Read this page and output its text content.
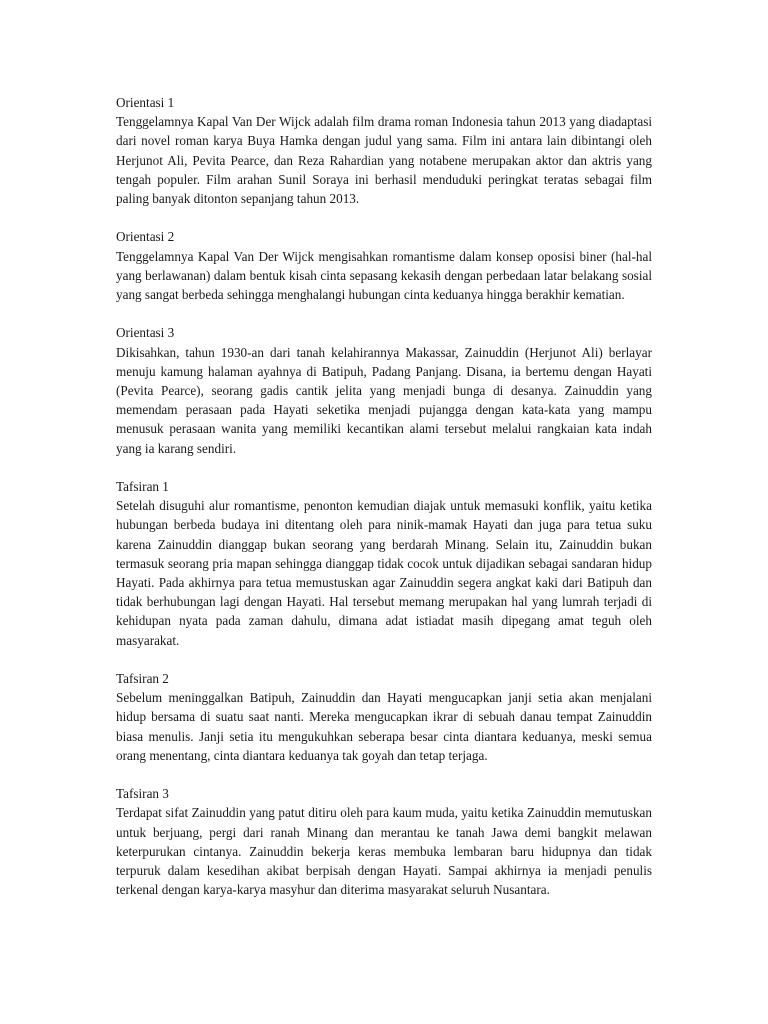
Orientasi 1

Tenggelamnya Kapal Van Der Wijck adalah film drama roman Indonesia tahun 2013 yang diadaptasi dari novel roman karya Buya Hamka dengan judul yang sama. Film ini antara lain dibintangi oleh Herjunot Ali, Pevita Pearce, dan Reza Rahardian yang notabene merupakan aktor dan aktris yang tengah populer. Film arahan Sunil Soraya ini berhasil menduduki peringkat teratas sebagai film paling banyak ditonton sepanjang tahun 2013.

Orientasi 2

Tenggelamnya Kapal Van Der Wijck mengisahkan romantisme dalam konsep oposisi biner (hal-hal yang berlawanan) dalam bentuk kisah cinta sepasang kekasih dengan perbedaan latar belakang sosial yang sangat berbeda sehingga menghalangi hubungan cinta keduanya hingga berakhir kematian.

Orientasi 3

Dikisahkan, tahun 1930-an dari tanah kelahirannya Makassar, Zainuddin (Herjunot Ali) berlayar menuju kamung halaman ayahnya di Batipuh, Padang Panjang. Disana, ia bertemu dengan Hayati (Pevita Pearce), seorang gadis cantik jelita yang menjadi bunga di desanya. Zainuddin yang memendam perasaan pada Hayati seketika menjadi pujangga dengan kata-kata yang mampu menusuk perasaan wanita yang memiliki kecantikan alami tersebut melalui rangkaian kata indah yang ia karang sendiri.

Tafsiran 1

Setelah disuguhi alur romantisme, penonton kemudian diajak untuk memasuki konflik, yaitu ketika hubungan berbeda budaya ini ditentang oleh para ninik-mamak Hayati dan juga para tetua suku karena Zainuddin dianggap bukan seorang yang berdarah Minang. Selain itu, Zainuddin bukan termasuk seorang pria mapan sehingga dianggap tidak cocok untuk dijadikan sebagai sandaran hidup Hayati. Pada akhirnya para tetua memustuskan agar Zainuddin segera angkat kaki dari Batipuh dan tidak berhubungan lagi dengan Hayati. Hal tersebut memang merupakan hal yang lumrah terjadi di kehidupan nyata pada zaman dahulu, dimana adat istiadat masih dipegang amat teguh oleh masyarakat.

Tafsiran 2

Sebelum meninggalkan Batipuh, Zainuddin dan Hayati mengucapkan janji setia akan menjalani hidup bersama di suatu saat nanti. Mereka mengucapkan ikrar di sebuah danau tempat Zainuddin biasa menulis. Janji setia itu mengukuhkan seberapa besar cinta diantara keduanya, meski semua orang menentang, cinta diantara keduanya tak goyah dan tetap terjaga.

Tafsiran 3

Terdapat sifat Zainuddin yang patut ditiru oleh para kaum muda, yaitu ketika Zainuddin memutuskan untuk berjuang, pergi dari ranah Minang dan merantau ke tanah Jawa demi bangkit melawan keterpurukan cintanya. Zainuddin bekerja keras membuka lembaran baru hidupnya dan tidak terpuruk dalam kesedihan akibat berpisah dengan Hayati. Sampai akhirnya ia menjadi penulis terkenal dengan karya-karya masyhur dan diterima masyarakat seluruh Nusantara.
